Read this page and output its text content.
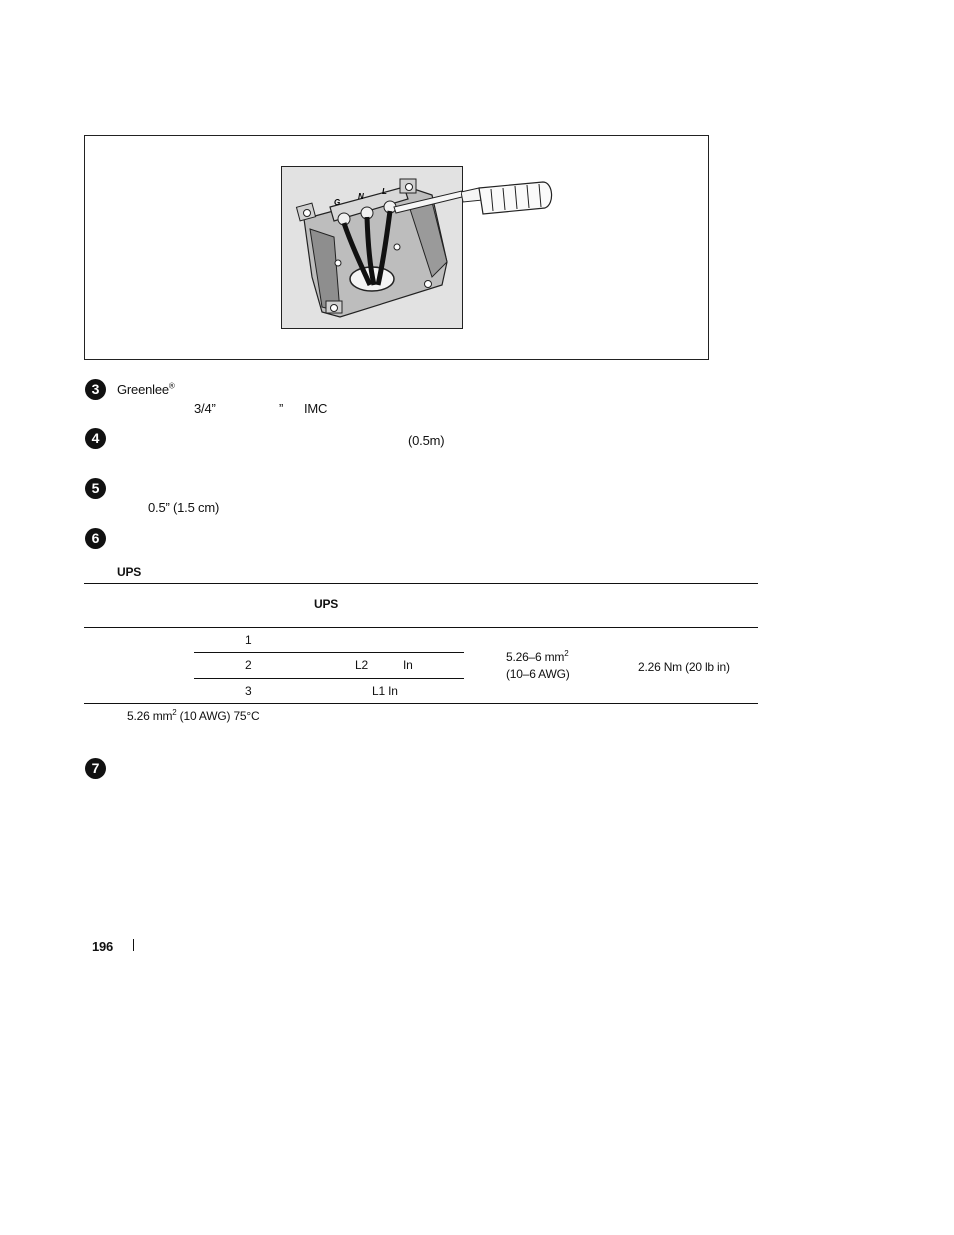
G
N
L
3	Greenlee®
3/4”	” IMC
4	(0.5m)
5
0.5” (1.5 cm)
6
UPS
UPS
1
2	L2	In
3	L1 In
5.26–6 $mm^2$
(10–6 AWG)	2.26 Nm (20 lb in)
5.26 $mm^2$ (10 AWG) 75°C
7
196
